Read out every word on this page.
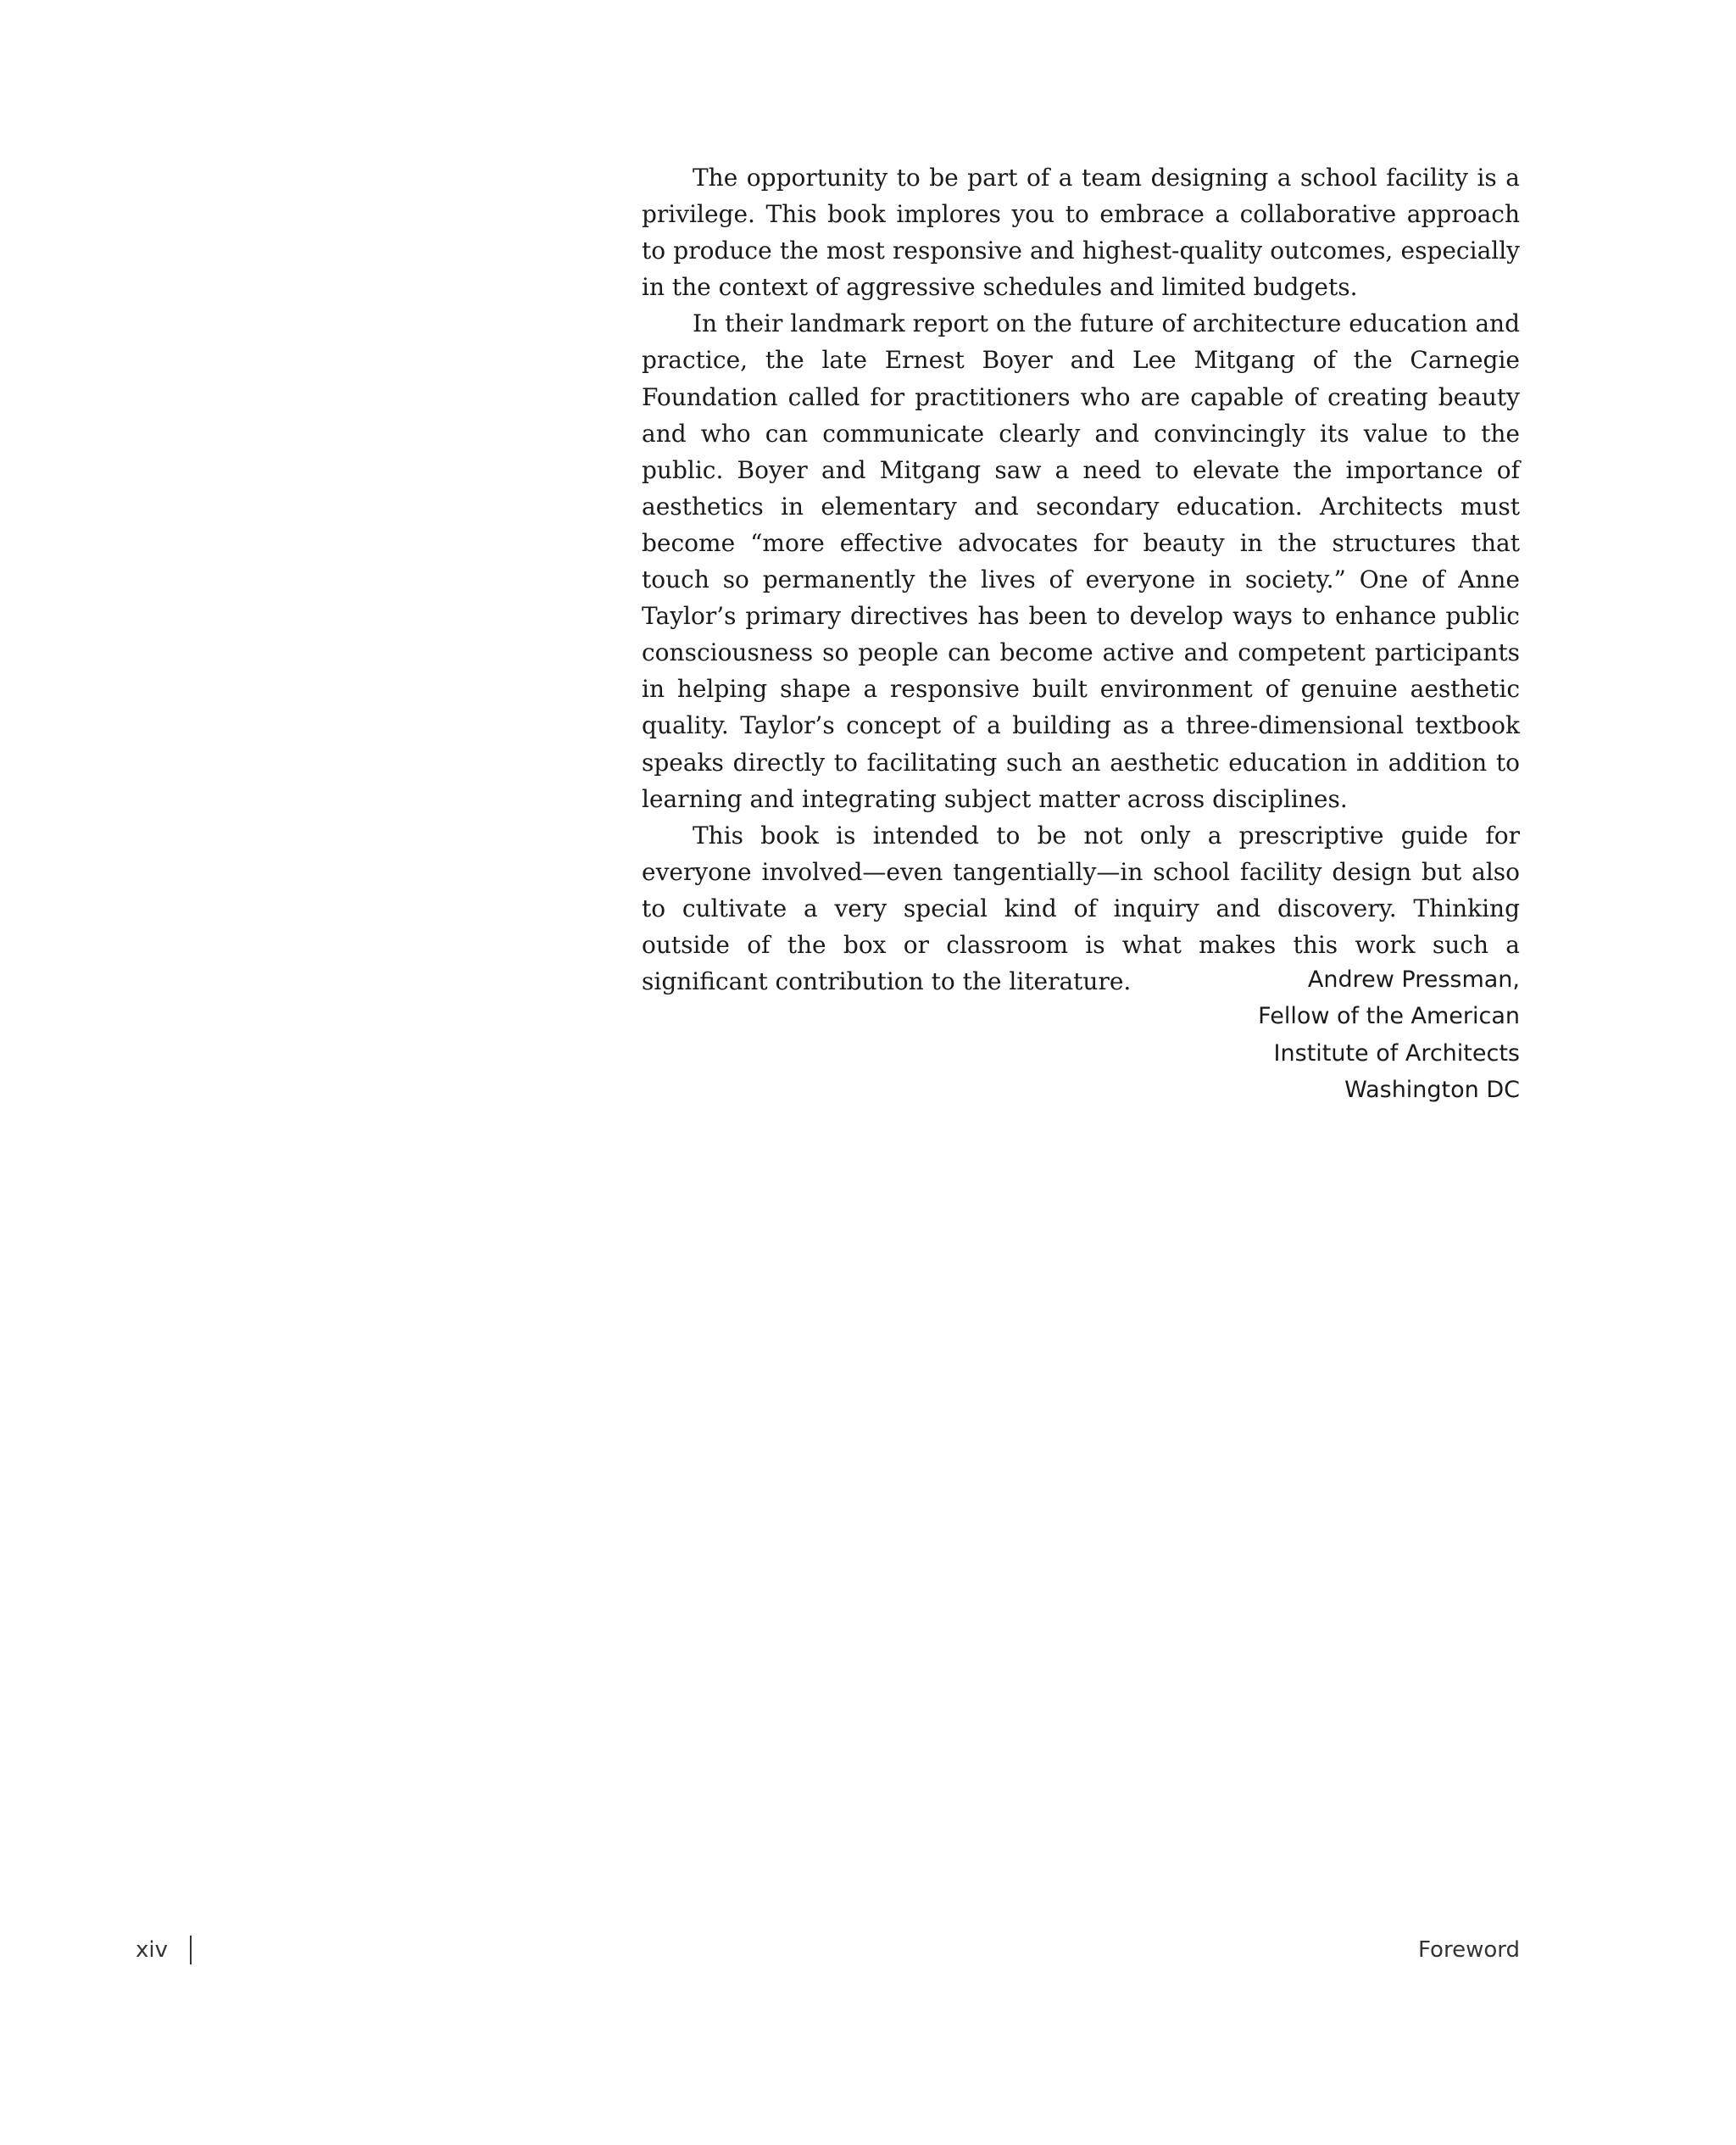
The opportunity to be part of a team designing a school facility is a privilege. This book implores you to embrace a collaborative approach to produce the most responsive and highest-quality outcomes, especially in the context of aggressive schedules and limited budgets.

In their landmark report on the future of architecture education and practice, the late Ernest Boyer and Lee Mitgang of the Carnegie Foundation called for practitioners who are capable of creating beauty and who can communicate clearly and convincingly its value to the public. Boyer and Mitgang saw a need to elevate the importance of aesthetics in elementary and secondary education. Architects must become “more effective advocates for beauty in the structures that touch so permanently the lives of everyone in society.” One of Anne Taylor’s primary directives has been to develop ways to enhance public consciousness so people can become active and competent participants in helping shape a responsive built environment of genuine aesthetic quality. Taylor’s concept of a building as a three-dimensional textbook speaks directly to facilitating such an aesthetic education in addition to learning and integrating subject matter across disciplines.

This book is intended to be not only a prescriptive guide for everyone involved—even tangentially—in school facility design but also to cultivate a very special kind of inquiry and discovery. Thinking outside of the box or classroom is what makes this work such a significant contribution to the literature.	Andrew Pressman,
Fellow of the American
Institute of Architects
Washington DC
xiv	Foreword
